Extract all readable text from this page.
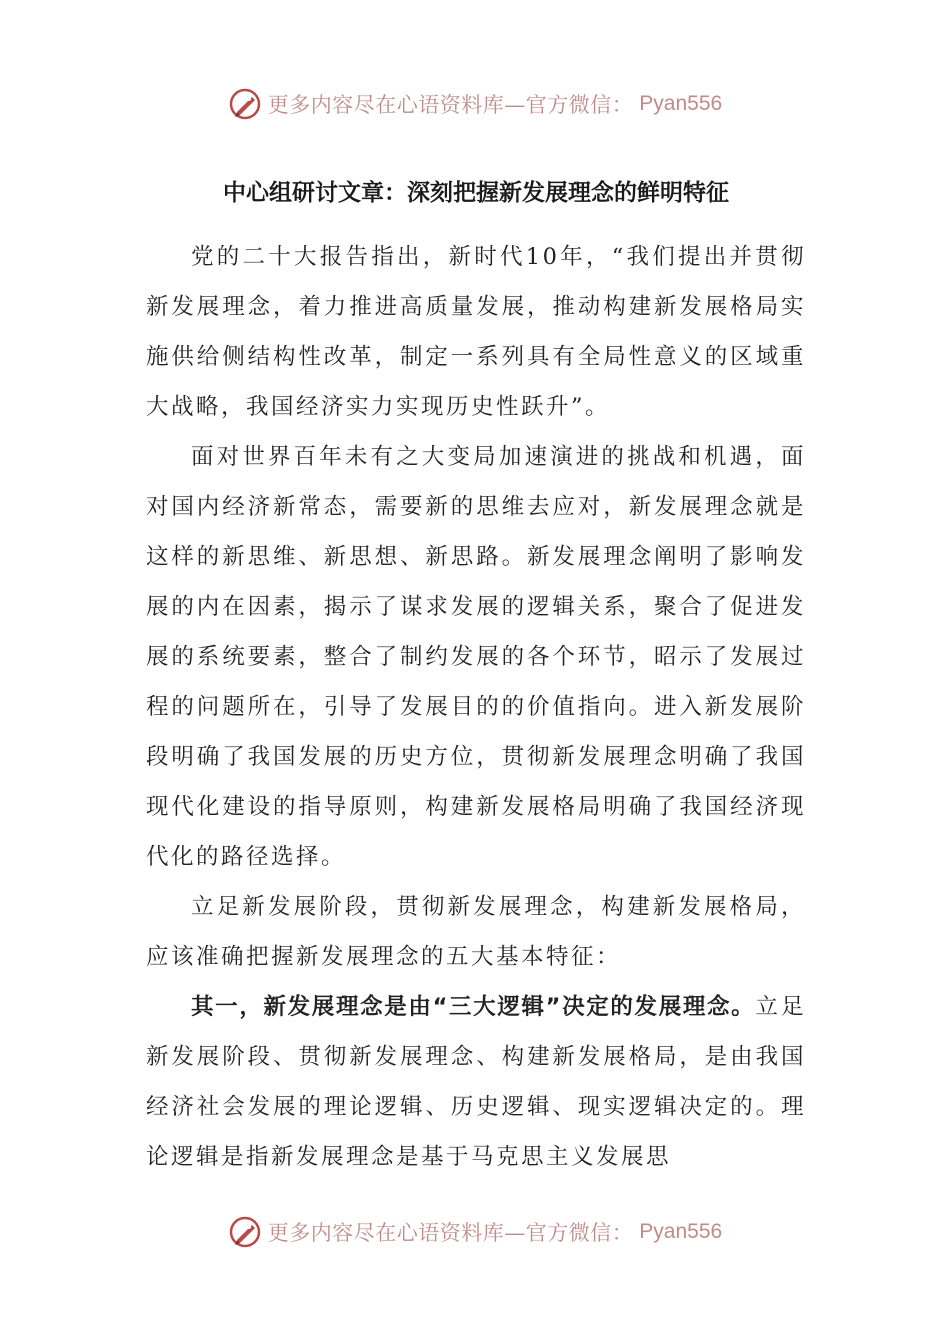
更多内容尽在心语资料库—官方微信： Pyan556
中心组研讨文章：深刻把握新发展理念的鲜明特征

党的二十大报告指出，新时代10年，“我们提出并贯彻新发展理念，着力推进高质量发展，推动构建新发展格局实施供给侧结构性改革，制定一系列具有全局性意义的区域重大战略，我国经济实力实现历史性跃升”。

面对世界百年未有之大变局加速演进的挑战和机遇，面对国内经济新常态，需要新的思维去应对，新发展理念就是这样的新思维、新思想、新思路。新发展理念阐明了影响发展的内在因素，揭示了谋求发展的逻辑关系，聚合了促进发展的系统要素，整合了制约发展的各个环节，昭示了发展过程的问题所在，引导了发展目的的价值指向。进入新发展阶段明确了我国发展的历史方位，贯彻新发展理念明确了我国现代化建设的指导原则，构建新发展格局明确了我国经济现代化的路径选择。

立足新发展阶段，贯彻新发展理念，构建新发展格局，应该准确把握新发展理念的五大基本特征：

其一，新发展理念是由“三大逻辑”决定的发展理念。立足新发展阶段、贯彻新发展理念、构建新发展格局，是由我国经济社会发展的理论逻辑、历史逻辑、现实逻辑决定的。理论逻辑是指新发展理念是基于马克思主义发展思

更多内容尽在心语资料库—官方微信： Pyan556
